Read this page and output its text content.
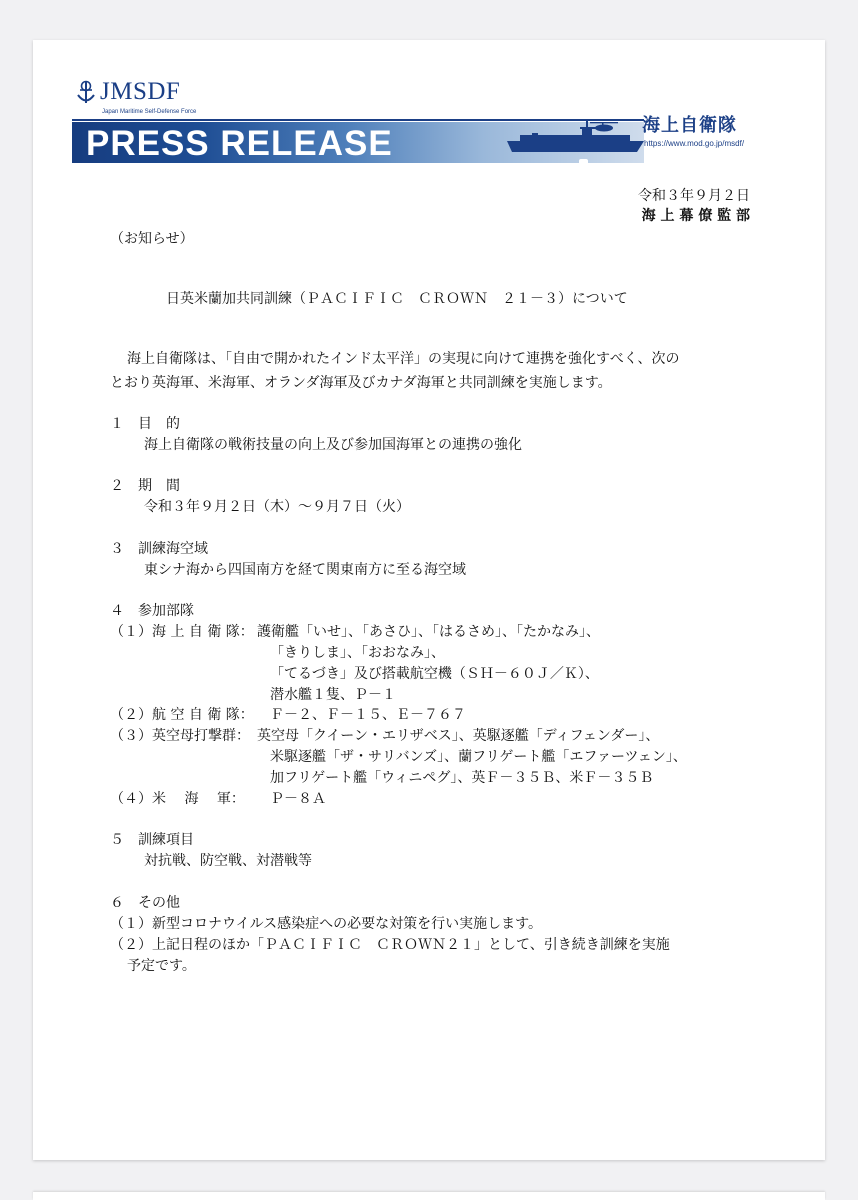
JMSDF
Japan Maritime Self-Defense Force
PRESS RELEASE	海上自衛隊
https://www.mod.go.jp/msdf/
令和３年９月２日
海 上 幕 僚 監 部
（お知らせ）
日英米蘭加共同訓練（ＰＡＣＩＦＩＣ　ＣＲＯＷＮ　２１－３）について
海上自衛隊は、「自由で開かれたインド太平洋」の実現に向けて連携を強化すべく、次の
とおり英海軍、米海軍、オランダ海軍及びカナダ海軍と共同訓練を実施します。
１　目　的
海上自衛隊の戦術技量の向上及び参加国海軍との連携の強化
２　期　間
令和３年９月２日（木）～９月７日（火）
３　訓練海空域
東シナ海から四国南方を経て関東南方に至る海空域
４　参加部隊
（１）海 上 自 衛 隊： 護衛艦「いせ」、「あさひ」、「はるさめ」、「たかなみ」、
「きりしま」、「おおなみ」、
「てるづき」及び搭載航空機（ＳＨ－６０Ｊ／Ｋ）、
潜水艦１隻、Ｐ－１
（２）航 空 自 衛 隊： Ｆ－２、Ｆ－１５、Ｅ－７６７
（３）英空母打撃群： 英空母「クイーン・エリザベス」、英駆逐艦「ディフェンダー」、
米駆逐艦「ザ・サリバンズ」、蘭フリゲート艦「エファーツェン」、
加フリゲート艦「ウィニペグ」、英Ｆ－３５Ｂ、米Ｆ－３５Ｂ
（４）米　 海　 軍： Ｐ－８Ａ
５　訓練項目
対抗戦、防空戦、対潜戦等
６　その他
（１）新型コロナウイルス感染症への必要な対策を行い実施します。
（２）上記日程のほか「ＰＡＣＩＦＩＣ　ＣＲＯＷＮ２１」として、引き続き訓練を実施
予定です。
